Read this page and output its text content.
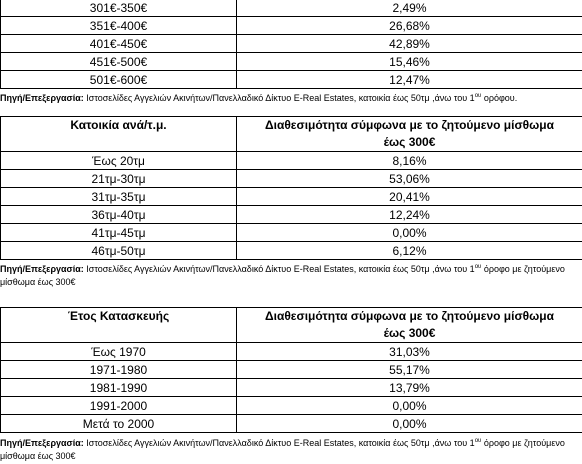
301€-350€	2,49%
351€-400€	26,68%
401€-450€	42,89%
451€-500€	15,46%
501€-600€	12,47%
Πηγή/Επεξεργασία: Ιστοσελίδες Αγγελιών Ακινήτων/Πανελλαδικό Δίκτυο E-Real Estates, κατοικία έως 50τμ ,άνω του $1^{o\upsilon}$ ορόφου.
Κατοικία ανά/τ.μ.	Διαθεσιμότητα σύμφωνα με το ζητούμενο μίσθωμα έως 300€
Έως 20τμ	8,16%
21τμ-30τμ	53,06%
31τμ-35τμ	20,41%
36τμ-40τμ	12,24%
41τμ-45τμ	0,00%
46τμ-50τμ	6,12%
Πηγή/Επεξεργασία: Ιστοσελίδες Αγγελιών Ακινήτων/Πανελλαδικό Δίκτυο E-Real Estates, κατοικία έως 50τμ ,άνω του $1^{o\upsilon}$ όροφο με ζητούμενο μίσθωμα έως 300€
Έτος Κατασκευής	Διαθεσιμότητα σύμφωνα με το ζητούμενο μίσθωμα έως 300€
Έως 1970	31,03%
1971-1980	55,17%
1981-1990	13,79%
1991-2000	0,00%
Μετά το 2000	0,00%
Πηγή/Επεξεργασία: Ιστοσελίδες Αγγελιών Ακινήτων/Πανελλαδικό Δίκτυο E-Real Estates, κατοικία έως 50τμ ,άνω του $1^{o\upsilon}$ όροφο με ζητούμενο μίσθωμα έως 300€
